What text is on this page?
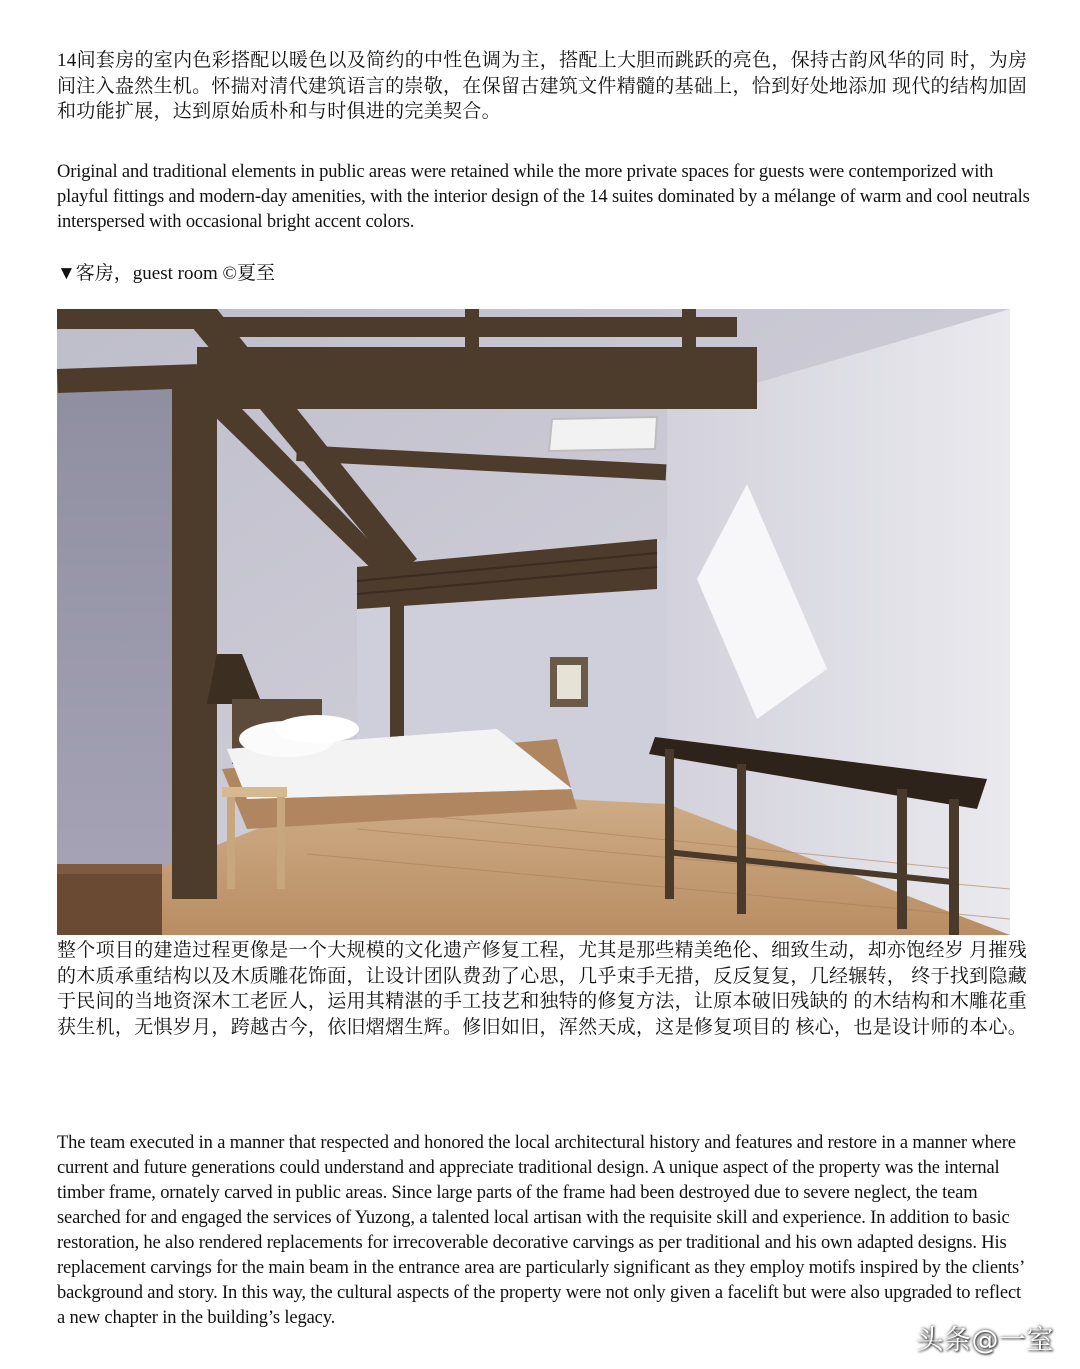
14间套房的室内色彩搭配以暖色以及简约的中性色调为主，搭配上大胆而跳跃的亮色，保持古韵风华的同 时，为房间注入盎然生机。怀揣对清代建筑语言的崇敬，在保留古建筑文件精髓的基础上，恰到好处地添加 现代的结构加固和功能扩展，达到原始质朴和与时俱进的完美契合。

Original and traditional elements in public areas were retained while the more private spaces for guests were contemporized with playful fittings and modern-day amenities, with the interior design of the 14 suites dominated by a mélange of warm and cool neutrals interspersed with occasional bright accent colors.

▼客房，guest room ©夏至

整个项目的建造过程更像是一个大规模的文化遗产修复工程，尤其是那些精美绝伦、细致生动，却亦饱经岁 月摧残的木质承重结构以及木质雕花饰面，让设计团队费劲了心思，几乎束手无措，反反复复，几经辗转， 终于找到隐藏于民间的当地资深木工老匠人，运用其精湛的手工技艺和独特的修复方法，让原本破旧残缺的 的木结构和木雕花重获生机，无惧岁月，跨越古今，依旧熠熠生辉。修旧如旧，浑然天成，这是修复项目的 核心，也是设计师的本心。

The team executed in a manner that respected and honored the local architectural history and features and restore in a manner where current and future generations could understand and appreciate traditional design. A unique aspect of the property was the internal timber frame, ornately carved in public areas. Since large parts of the frame had been destroyed due to severe neglect, the team searched for and engaged the services of Yuzong, a talented local artisan with the requisite skill and experience. In addition to basic restoration, he also rendered replacements for irrecoverable decorative carvings as per traditional and his own adapted designs. His replacement carvings for the main beam in the entrance area are particularly significant as they employ motifs inspired by the clients’ background and story. In this way, the cultural aspects of the property were not only given a facelift but were also upgraded to reflect a new chapter in the building’s legacy.

头条@一室
